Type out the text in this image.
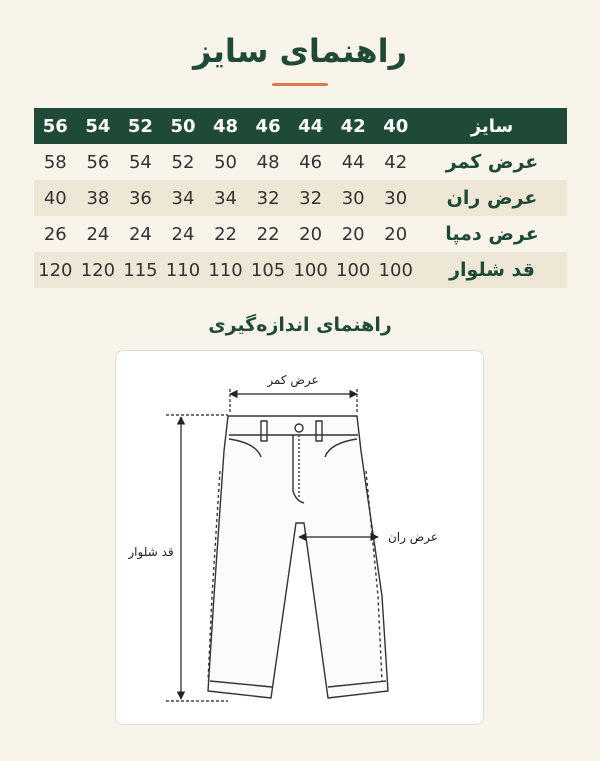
راهنمای سایز
سایز	40	42	44	46	48	50	52	54	56
عرض کمر	42	44	46	48	50	52	54	56	58
عرض ران	30	30	32	32	34	34	36	38	40
عرض دمپا	20	20	20	22	22	24	24	24	26
قد شلوار	100	100	100	105	110	110	115	120	120
راهنمای اندازه‌گیری
عرض کمر
عرض ران
قد شلوار
